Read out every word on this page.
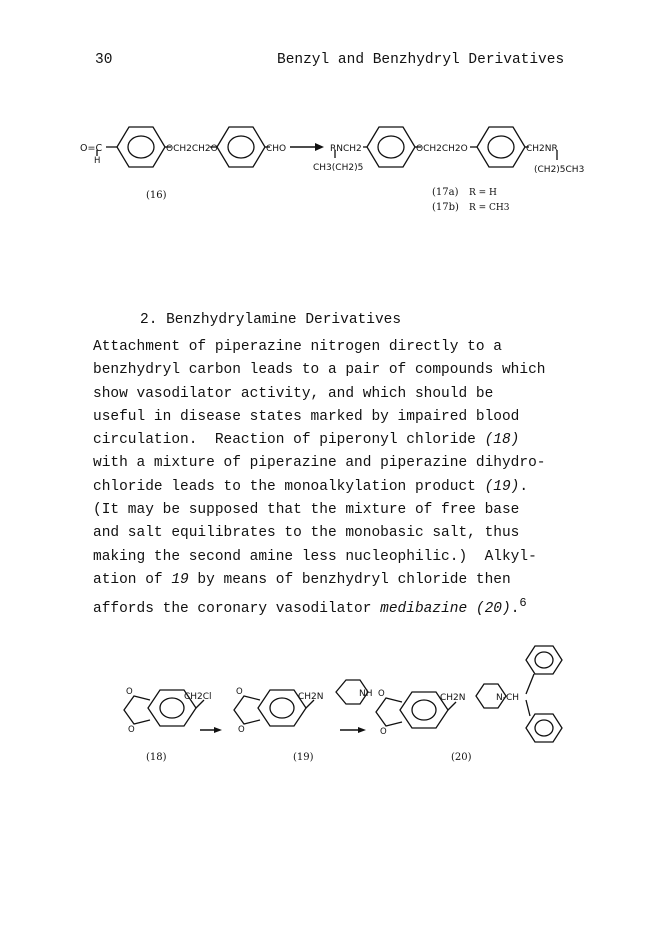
30	Benzyl and Benzhydryl Derivatives
O=C
H
OCH2CH2O	CHO	RNCH2
CH3(CH2)5
OCH2CH2O	CH2NR
(CH2)5CH3
(16)	(17a) R = H
(17b) R = CH3
2. Benzhydrylamine Derivatives
Attachment of piperazine nitrogen directly to a
benzhydryl carbon leads to a pair of compounds which
show vasodilator activity, and which should be
useful in disease states marked by impaired blood
circulation.  Reaction of piperonyl chloride (18)
with a mixture of piperazine and piperazine dihydro-
chloride leads to the monoalkylation product (19).
(It may be supposed that the mixture of free base
and salt equilibrates to the monobasic salt, thus
making the second amine less nucleophilic.)  Alkyl-
ation of 19 by means of benzhydryl chloride then
affords the coronary vasodilator medibazine (20).$^6$
O
O
O
O
O
O
CH2Cl	CH2N	NH	CH2N	N-CH
(18)	(19)	(20)
